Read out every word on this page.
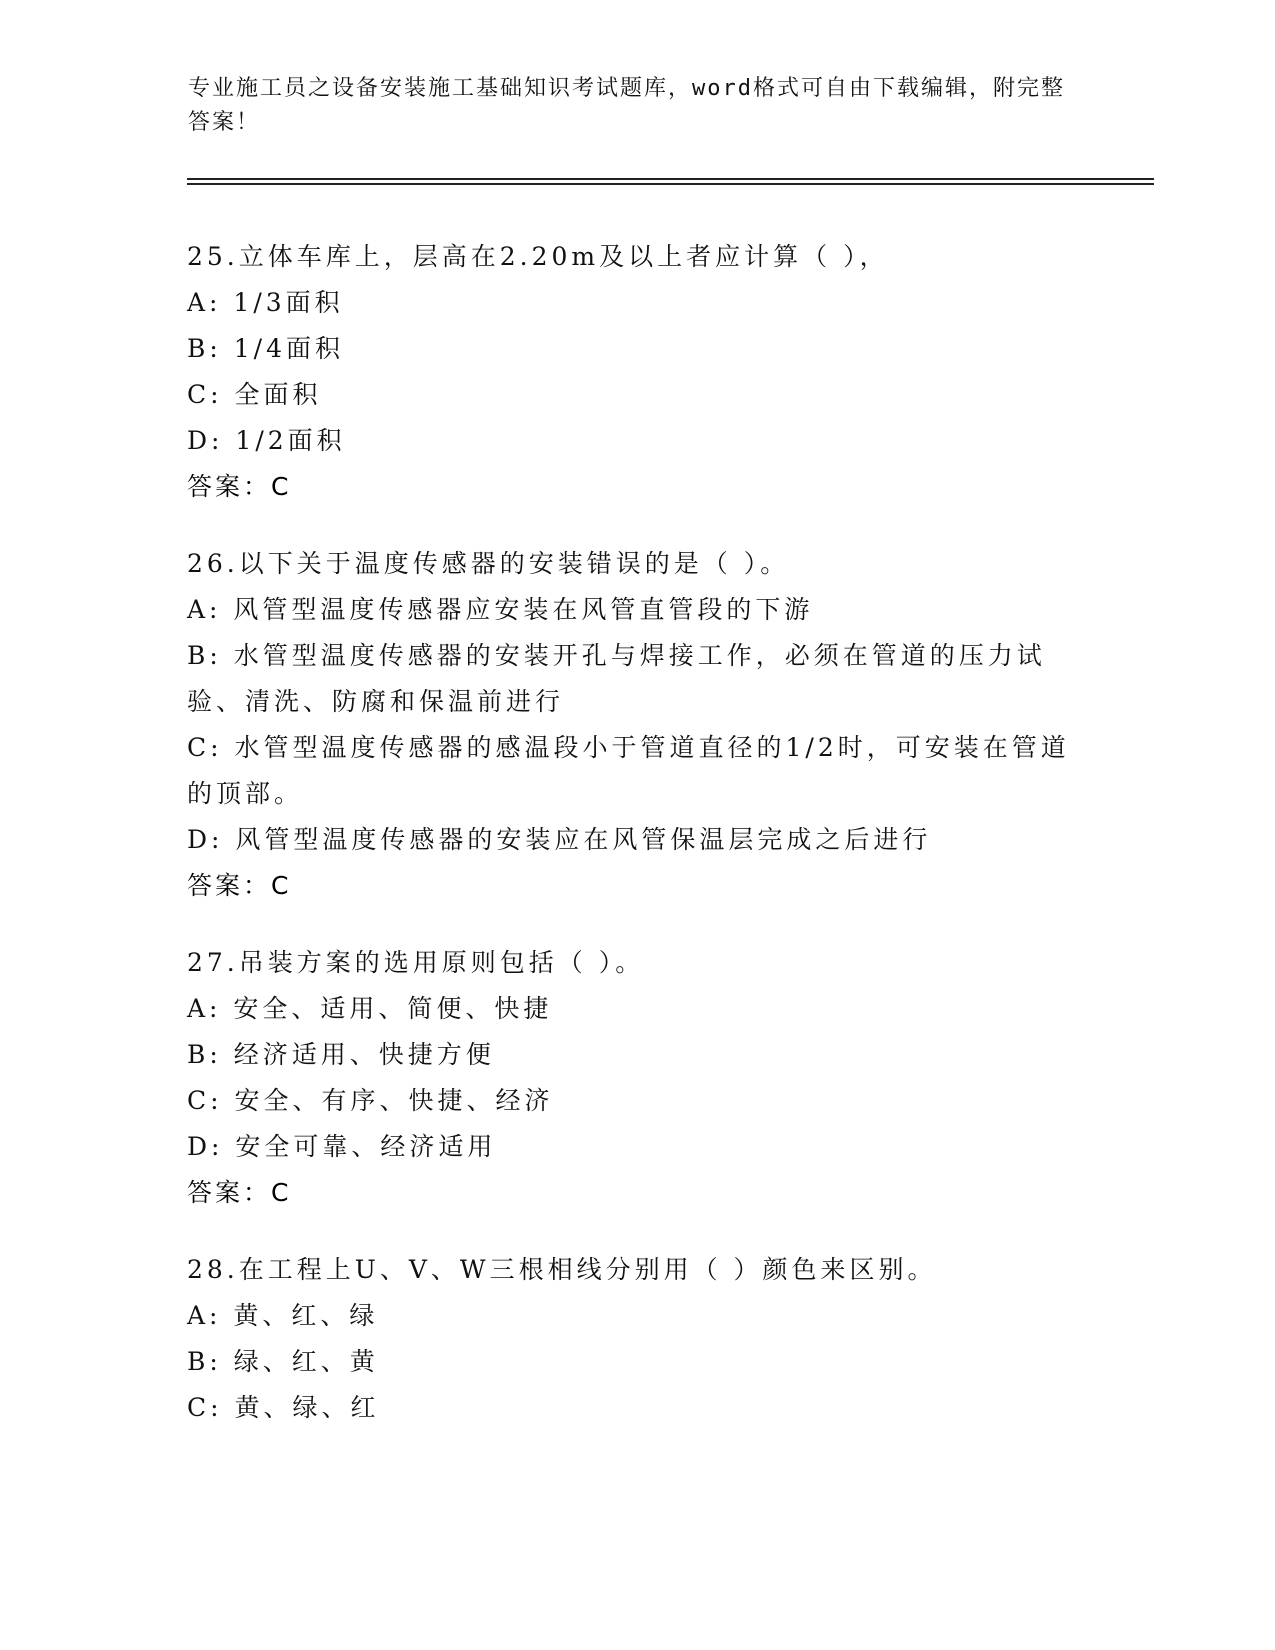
专业施工员之设备安装施工基础知识考试题库，word格式可自由下载编辑，附完整答案！
25.立体车库上，层高在2.20m及以上者应计算（ ），
A: 1/3面积
B: 1/4面积
C: 全面积
D: 1/2面积
答案：C
26.以下关于温度传感器的安装错误的是（ ）。
A: 风管型温度传感器应安装在风管直管段的下游
B: 水管型温度传感器的安装开孔与焊接工作，必须在管道的压力试验、清洗、防腐和保温前进行
C: 水管型温度传感器的感温段小于管道直径的1/2时，可安装在管道的顶部。
D: 风管型温度传感器的安装应在风管保温层完成之后进行
答案：C
27.吊装方案的选用原则包括（ ）。
A: 安全、适用、简便、快捷
B: 经济适用、快捷方便
C: 安全、有序、快捷、经济
D: 安全可靠、经济适用
答案：C
28.在工程上U、V、W三根相线分别用（ ）颜色来区别。
A: 黄、红、绿
B: 绿、红、黄
C: 黄、绿、红
